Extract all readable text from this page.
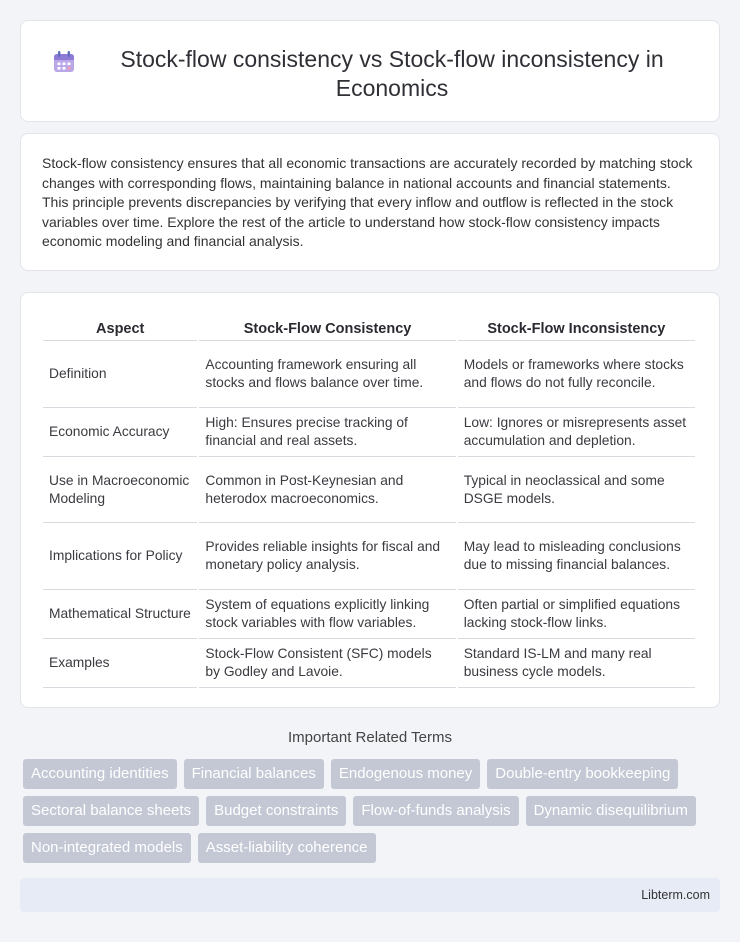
Stock-flow consistency vs Stock-flow inconsistency in Economics

Stock-flow consistency ensures that all economic transactions are accurately recorded by matching stock changes with corresponding flows, maintaining balance in national accounts and financial statements. This principle prevents discrepancies by verifying that every inflow and outflow is reflected in the stock variables over time. Explore the rest of the article to understand how stock-flow consistency impacts economic modeling and financial analysis.

Aspect	Stock-Flow Consistency	Stock-Flow Inconsistency
Definition	Accounting framework ensuring all stocks and flows balance over time.	Models or frameworks where stocks and flows do not fully reconcile.
Economic Accuracy	High: Ensures precise tracking of financial and real assets.	Low: Ignores or misrepresents asset accumulation and depletion.
Use in Macroeconomic Modeling	Common in Post-Keynesian and heterodox macroeconomics.	Typical in neoclassical and some DSGE models.
Implications for Policy	Provides reliable insights for fiscal and monetary policy analysis.	May lead to misleading conclusions due to missing financial balances.
Mathematical Structure	System of equations explicitly linking stock variables with flow variables.	Often partial or simplified equations lacking stock-flow links.
Examples	Stock-Flow Consistent (SFC) models by Godley and Lavoie.	Standard IS-LM and many real business cycle models.
Important Related Terms
Accounting identities	Financial balances	Endogenous money	Double-entry bookkeeping
Sectoral balance sheets	Budget constraints	Flow-of-funds analysis	Dynamic disequilibrium
Non-integrated models	Asset-liability coherence
Libterm.com
